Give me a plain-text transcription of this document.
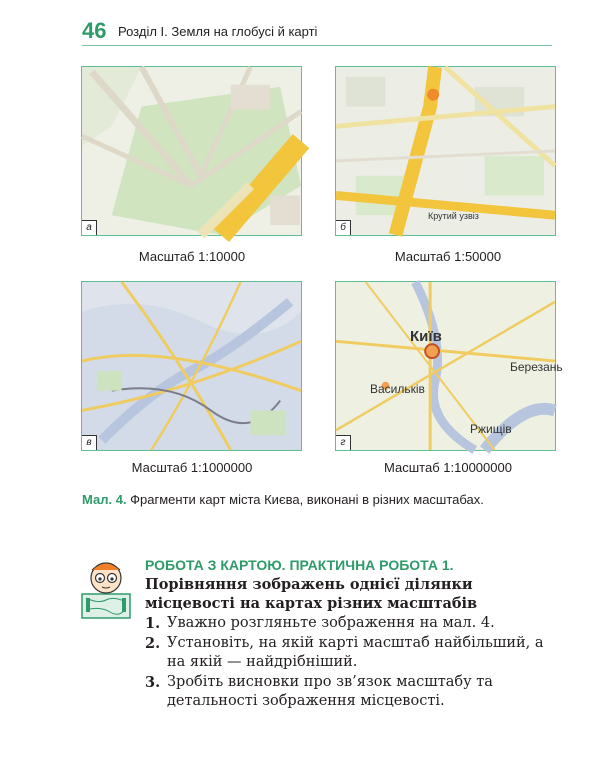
46 Розділ І. Земля на глобусі й карті
а
Масштаб 1:10000
Крутий узвіз
б
Масштаб 1:50000
в
Масштаб 1:1000000
Київ
Березань
Васильків
Ржищів
г
Масштаб 1:10000000
Мал. 4. Фрагменти карт міста Києва, виконані в різних масштабах.
РОБОТА З КАРТОЮ. ПРАКТИЧНА РОБОТА 1. Порівняння зображень однієї ділянки місцевості на картах різних масштабів
1. Уважно розгляньте зображення на мал. 4.
2. Установіть, на якій карті масштаб найбільший, а на якій — найдрібніший.
3. Зробіть висновки про зв’язок масштабу та детальності зображення місцевості.
